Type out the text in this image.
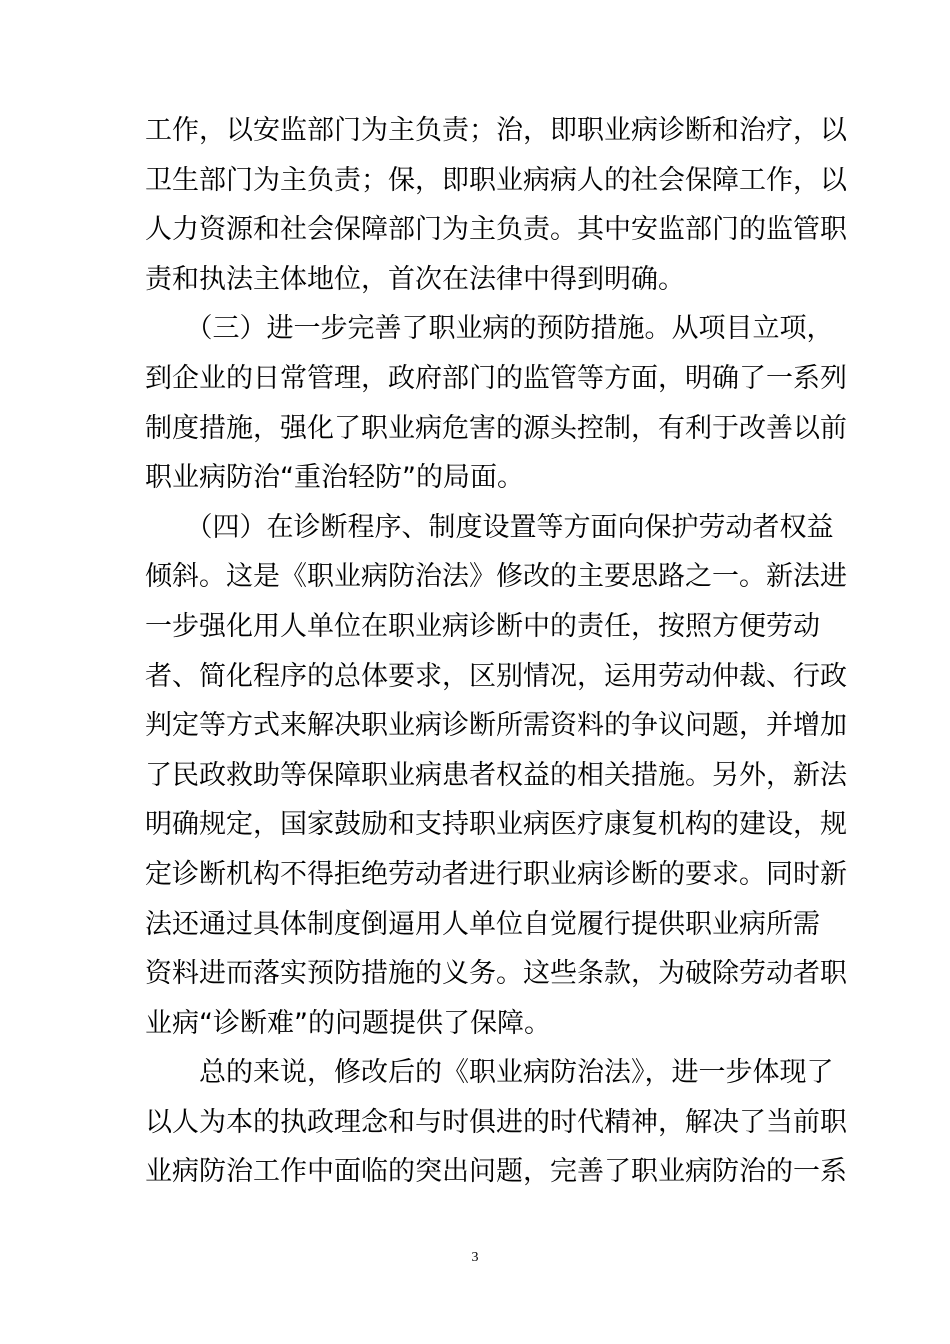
工作，以安监部门为主负责；治，即职业病诊断和治疗，以
卫生部门为主负责；保，即职业病病人的社会保障工作，以
人力资源和社会保障部门为主负责。其中安监部门的监管职
责和执法主体地位，首次在法律中得到明确。
　　（三）进一步完善了职业病的预防措施。从项目立项，
到企业的日常管理，政府部门的监管等方面，明确了一系列
制度措施，强化了职业病危害的源头控制，有利于改善以前
职业病防治“重治轻防”的局面。
　　（四）在诊断程序、制度设置等方面向保护劳动者权益
倾斜。这是《职业病防治法》修改的主要思路之一。新法进
一步强化用人单位在职业病诊断中的责任，按照方便劳动
者、简化程序的总体要求，区别情况，运用劳动仲裁、行政
判定等方式来解决职业病诊断所需资料的争议问题，并增加
了民政救助等保障职业病患者权益的相关措施。另外，新法
明确规定，国家鼓励和支持职业病医疗康复机构的建设，规
定诊断机构不得拒绝劳动者进行职业病诊断的要求。同时新
法还通过具体制度倒逼用人单位自觉履行提供职业病所需
资料进而落实预防措施的义务。这些条款，为破除劳动者职
业病“诊断难”的问题提供了保障。
　　总的来说，修改后的《职业病防治法》，进一步体现了
以人为本的执政理念和与时俱进的时代精神，解决了当前职
业病防治工作中面临的突出问题，完善了职业病防治的一系
3
